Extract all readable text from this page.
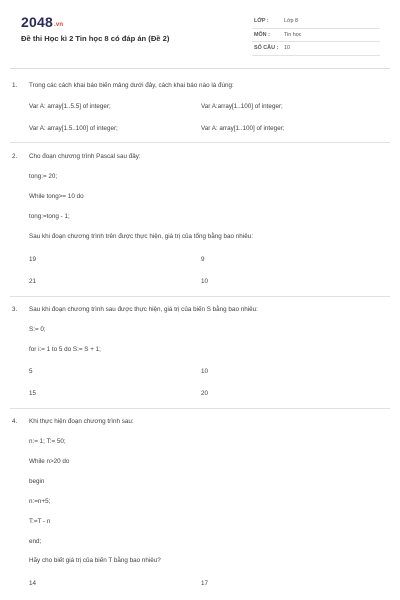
2048.vn
Đề thi Học kì 2 Tin học 8 có đáp án (Đề 2)
LỚP :	Lớp 8
MÔN :	Tin học
SỐ CÂU : 10
1. Trong các cách khai báo biến mảng dưới đây, cách khai báo nào là đúng:
Var A: array[1..5.5] of integer;	Var A:array[1..100] of integer;
Var A: array[1.5..100] of integer;	Var A: array[1..100] of integer;
2. Cho đoạn chương trình Pascal sau đây:
tong:= 20;
While tong>= 10 do
tong:=tong - 1;
Sau khi đoạn chương trình trên được thực hiện, giá trị của tổng bằng bao nhiêu:
19	9
21	10
3. Sau khi đoạn chương trình sau được thực hiện, giá trị của biến S bằng bao nhiêu:
S:= 0;
for i:= 1 to 5 do S:= S + 1;
5	10
15	20
4. Khi thực hiện đoạn chương trình sau:
n:= 1; T:= 50;
While n>20 do
begin
n:=n+5;
T:=T - n
end;
Hãy cho biết giá trị của biến T bằng bao nhiêu?
14	17
